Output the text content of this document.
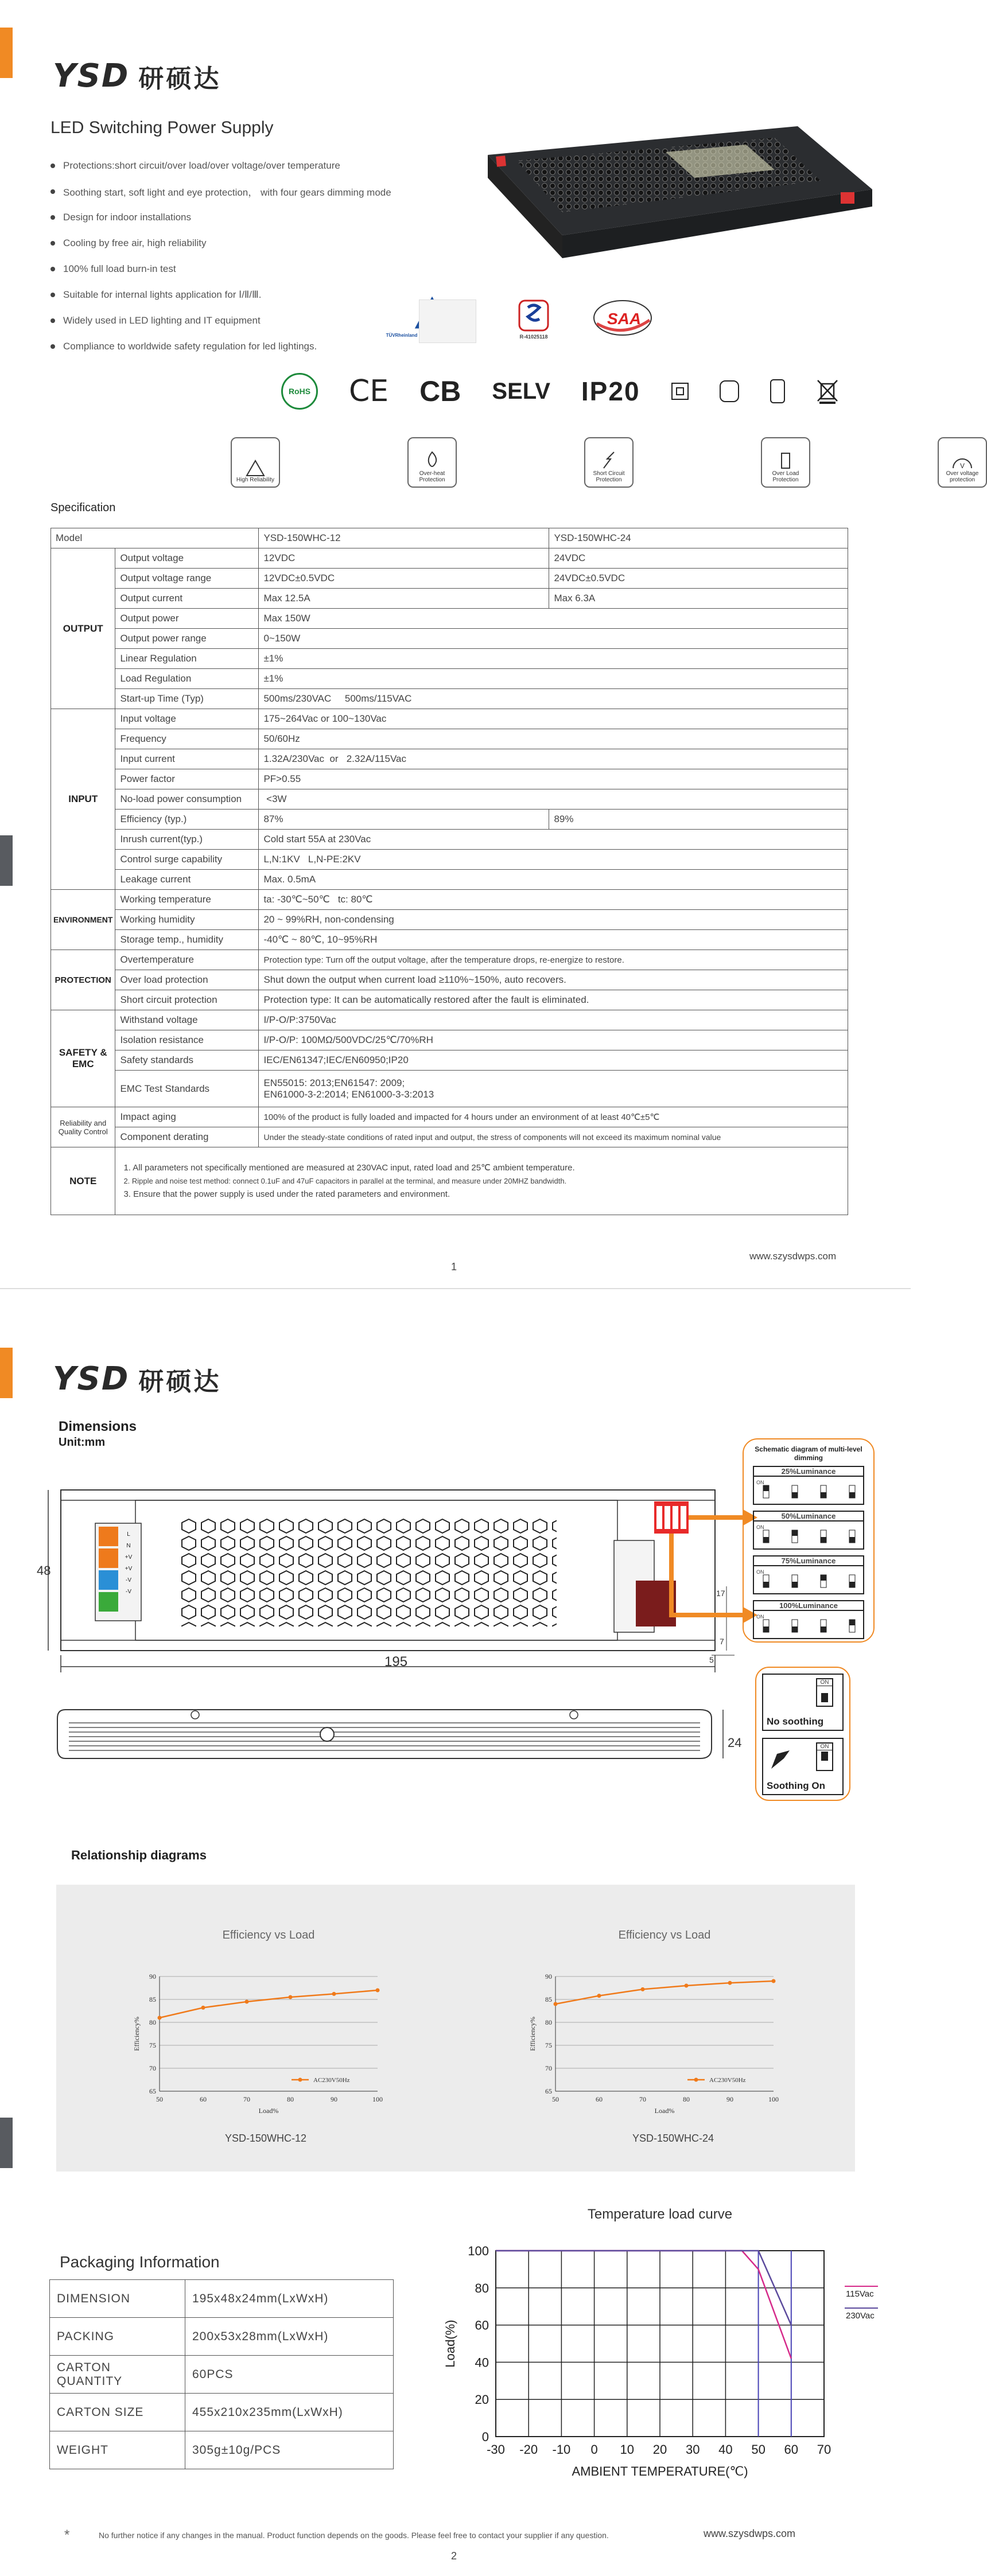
YSD 研硕达
LED Switching Power Supply
Protections:short circuit/over load/over voltage/over temperature
Soothing start, soft light and eye protection， with four gears dimming mode
Design for indoor installations
Cooling by free air, high reliability
100% full load burn-in test
Suitable for internal lights application for Ⅰ/Ⅱ/Ⅲ.
Widely used in LED lighting and IT equipment
Compliance to worldwide safety regulation for led lightings.
TÜVRheinland	R-41025118
SAA
RoHS CE CB SELV IP20
High Reliability
Over-heat Protection
Short Circuit Protection
Over Load Protection
V
Over voltage protection
Specification
Model		YSD-150WHC-12	YSD-150WHC-24
OUTPUT	Output voltage	12VDC	24VDC
	Output voltage range	12VDC±0.5VDC	24VDC±0.5VDC
	Output current	Max 12.5A	Max 6.3A
	Output power	Max 150W	
	Output power range	0~150W	
	Linear Regulation	±1%	
	Load Regulation	±1%	
	Start-up Time (Typ)	500ms/230VAC     500ms/115VAC	
INPUT	Input voltage	175~264Vac or 100~130Vac	
	Frequency	50/60Hz	
	Input current	1.32A/230Vac  or   2.32A/115Vac	
	Power factor	PF>0.55	
	No-load power consumption	<3W	
	Efficiency (typ.)	87%	89%
	Inrush current(typ.)	Cold start 55A at 230Vac	
	Control surge capability	L,N:1KV   L,N-PE:2KV	
	Leakage current	Max. 0.5mA	
ENVIRONMENT	Working temperature	ta: -30℃~50℃   tc: 80℃	
	Working humidity	20 ~ 99%RH, non-condensing	
	Storage temp., humidity	-40℃ ~ 80℃, 10~95%RH	
PROTECTION	Overtemperature	Protection type: Turn off the output voltage, after the temperature drops, re-energize to restore.	
	Over load protection	Shut down the output when current load ≥110%~150%, auto recovers.	
	Short circuit protection	Protection type: It can be automatically restored after the fault is eliminated.	
SAFETY & EMC	Withstand voltage	I/P-O/P:3750Vac	
	Isolation resistance	I/P-O/P: 100MΩ/500VDC/25℃/70%RH	
	Safety standards	IEC/EN61347;IEC/EN60950;IP20	
	EMC Test Standards	EN55015: 2013;EN61547: 2009;
EN61000-3-2:2014; EN61000-3-3:2013	

Reliability and Quality Control	Impact aging	100% of the product is fully loaded and impacted for 4 hours under an environment of at least 40℃±5℃	
	Component derating	Under the steady-state conditions of rated input and output, the stress of components will not exceed its maximum nominal value	
NOTE	1. All parameters not specifically mentioned are measured at 230VAC input, rated load and 25℃ ambient temperature.
2. Ripple and noise test method: connect 0.1uF and 47uF capacitors in parallel at the terminal, and measure under 20MHZ bandwidth.
3. Ensure that the power supply is used under the rated parameters and environment.		
www.szysdwps.com
1
YSD 研硕达
Dimensions
Unit:mm
48
195
24
17
7
5
L
N
+V
+V
-V
-V
Schematic diagram of multi-level dimming
25%Luminance
ON
50%Luminance
ON
75%Luminance
ON
100%Luminance
ON
ON
No soothing
ON
Soothing On
Relationship diagrams
Efficiency vs Load
65
70
75
80
85
90
50	60	70	80	90	100
Load%
Efficiency%
AC230V50Hz
Efficiency vs Load
65
70
75
80
85
90
50	60	70	80	90	100
Load%
Efficiency%
AC230V50Hz
YSD-150WHC-12	YSD-150WHC-24
Packaging Information
DIMENSION	195x48x24mm(LxWxH)
PACKING	200x53x28mm(LxWxH)
CARTON QUANTITY	60PCS
CARTON SIZE	455x210x235mm(LxWxH)
WEIGHT	305g±10g/PCS
Temperature load curve
0
20
40
60
80
100
-30 -20 -10 0 10 20 30 40 50 60 70
AMBIENT TEMPERATURE(℃)
Load(%)
115Vac
230Vac
*	No further notice if any changes in the manual. Product function depends on the goods. Please feel free to contact your supplier if any question.	www.szysdwps.com
2
